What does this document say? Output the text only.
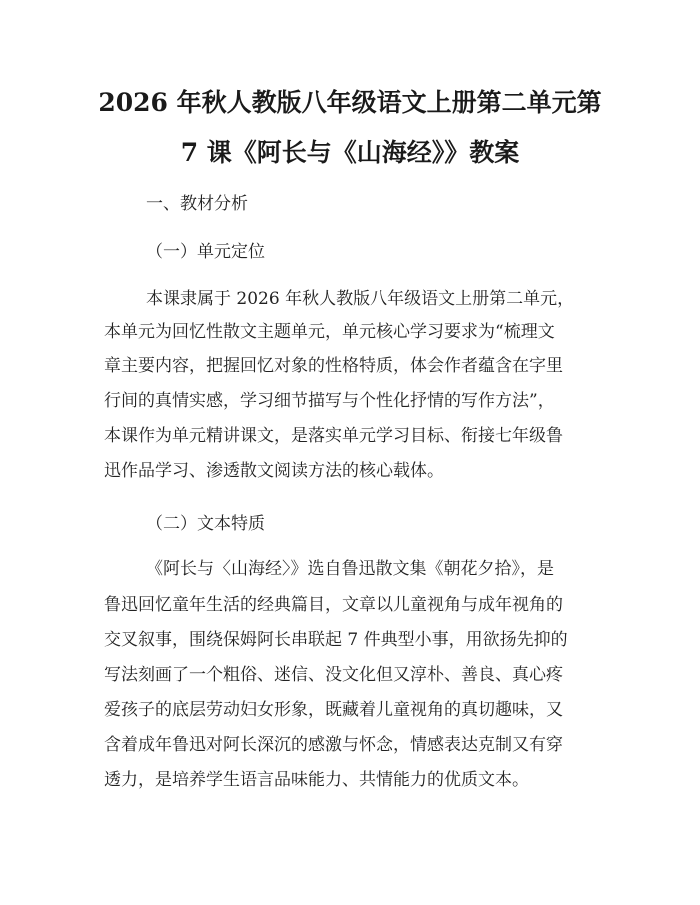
2026 年秋人教版八年级语文上册第二单元第
7 课《阿长与《山海经》》教案

一、教材分析

（一）单元定位

本课隶属于 2026 年秋人教版八年级语文上册第二单元，

本单元为回忆性散文主题单元，单元核心学习要求为“梳理文

章主要内容，把握回忆对象的性格特质，体会作者蕴含在字里

行间的真情实感，学习细节描写与个性化抒情的写作方法”，

本课作为单元精讲课文，是落实单元学习目标、衔接七年级鲁

迅作品学习、渗透散文阅读方法的核心载体。

（二）文本特质

《阿长与〈山海经〉》选自鲁迅散文集《朝花夕拾》，是

鲁迅回忆童年生活的经典篇目，文章以儿童视角与成年视角的

交叉叙事，围绕保姆阿长串联起 7 件典型小事，用欲扬先抑的

写法刻画了一个粗俗、迷信、没文化但又淳朴、善良、真心疼

爱孩子的底层劳动妇女形象，既藏着儿童视角的真切趣味，又

含着成年鲁迅对阿长深沉的感激与怀念，情感表达克制又有穿

透力，是培养学生语言品味能力、共情能力的优质文本。
